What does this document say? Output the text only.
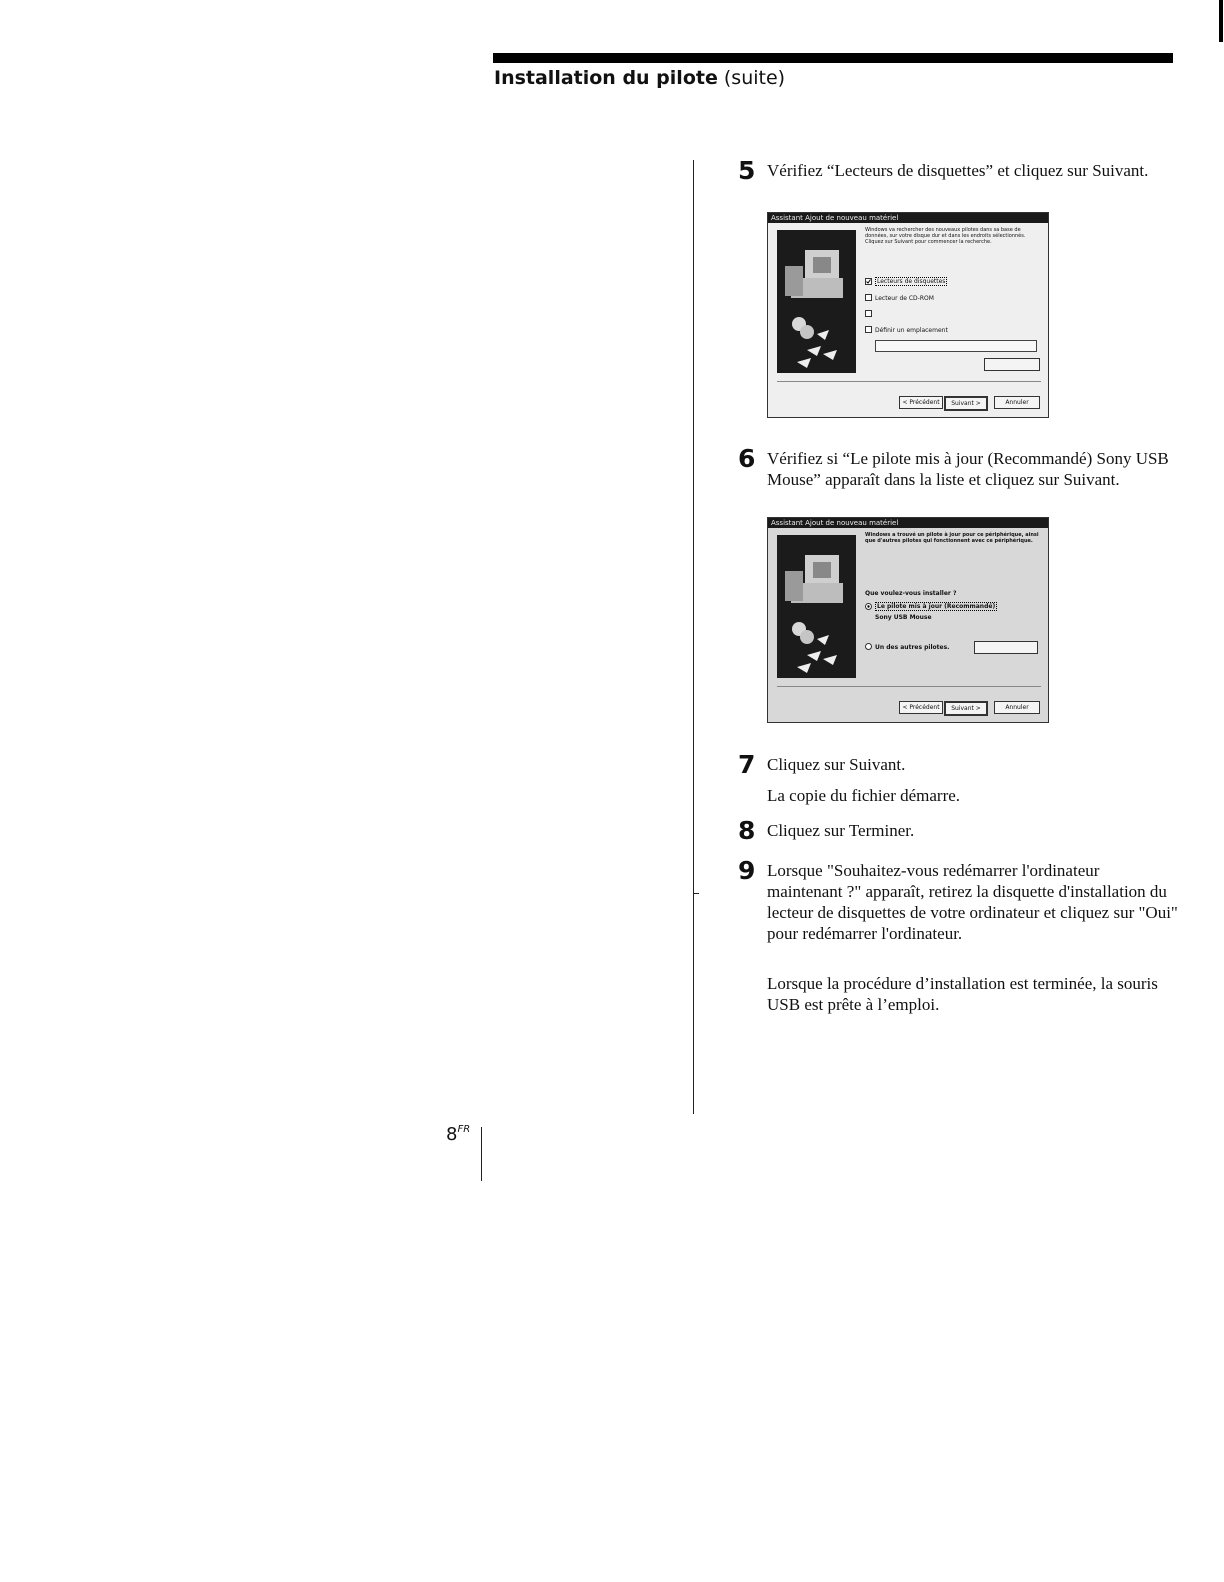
Installation du pilote (suite)
5 Vérifiez “Lecteurs de disquettes” et cliquez sur Suivant.
Assistant Ajout de nouveau matériel
Windows va rechercher des nouveaux pilotes dans sa base de données, sur votre disque dur et dans les endroits sélectionnés. Cliquez sur Suivant pour commencer la recherche.
Lecteurs de disquettes
Lecteur de CD-ROM
Définir un emplacement
< Précédent	Suivant >	Annuler
6 Vérifiez si “Le pilote mis à jour (Recommandé) Sony USB Mouse” apparaît dans la liste et cliquez sur Suivant.
Assistant Ajout de nouveau matériel
Windows a trouvé un pilote à jour pour ce périphérique, ainsi que d'autres pilotes qui fonctionnent avec ce périphérique.
Que voulez-vous installer ?
Le pilote mis à jour (Recommandé)
Sony USB Mouse
Un des autres pilotes.
< Précédent	Suivant >	Annuler
7 Cliquez sur Suivant.
La copie du fichier démarre.
8 Cliquez sur Terminer.
9 Lorsque "Souhaitez-vous redémarrer l'ordinateur maintenant ?" apparaît, retirez la disquette d'installation du lecteur de disquettes de votre ordinateur et cliquez sur "Oui" pour redémarrer l'ordinateur.
Lorsque la procédure d’installation est terminée, la souris USB est prête à l’emploi.
$8^{FR}$
